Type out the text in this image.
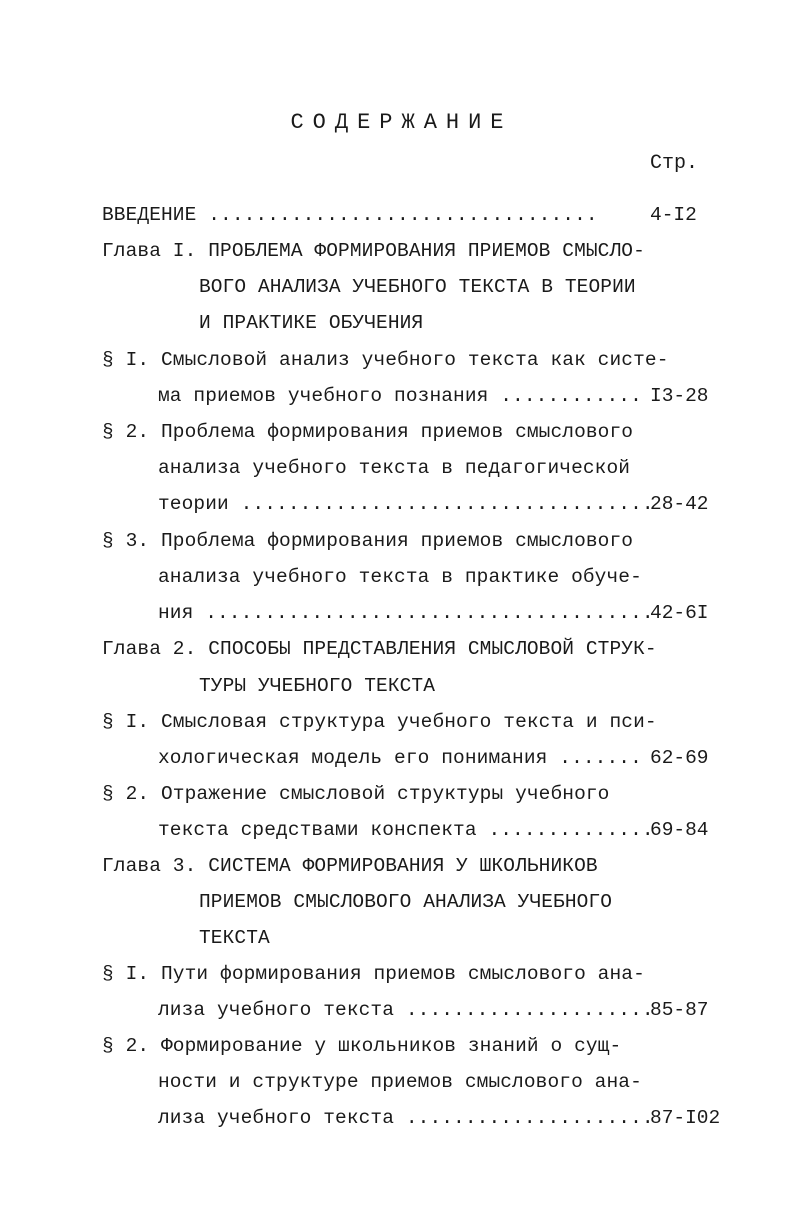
СОДЕРЖАНИЕ
Стр.
ВВЕДЕНИЕ .................................	4-I2
Глава I. ПРОБЛЕМА ФОРМИРОВАНИЯ ПРИЕМОВ СМЫСЛО-
ВОГО АНАЛИЗА УЧЕБНОГО ТЕКСТА В ТЕОРИИ
И ПРАКТИКЕ ОБУЧЕНИЯ
§ I. Смысловой анализ учебного текста как систе-
ма приемов учебного познания ............ I3-28
§ 2. Проблема формирования приемов смыслового
анализа учебного текста в педагогической
теории ...................................
28-42
§ 3. Проблема формирования приемов смыслового
анализа учебного текста в практике обуче-
ния ......................................
42-6I
Глава 2. СПОСОБЫ ПРЕДСТАВЛЕНИЯ СМЫСЛОВОЙ СТРУК-
ТУРЫ УЧЕБНОГО ТЕКСТА
§ I. Смысловая структура учебного текста и пси-
хологическая модель его понимания ....... 62-69
§ 2. Отражение смысловой структуры учебного
текста средствами конспекта ..............
69-84
Глава 3. СИСТЕМА ФОРМИРОВАНИЯ У ШКОЛЬНИКОВ
ПРИЕМОВ СМЫСЛОВОГО АНАЛИЗА УЧЕБНОГО
ТЕКСТА
§ I. Пути формирования приемов смыслового ана-
лиза учебного текста .....................
85-87
§ 2. Формирование у школьников знаний о сущ-
ности и структуре приемов смыслового ана-
лиза учебного текста .....................
87-I02
